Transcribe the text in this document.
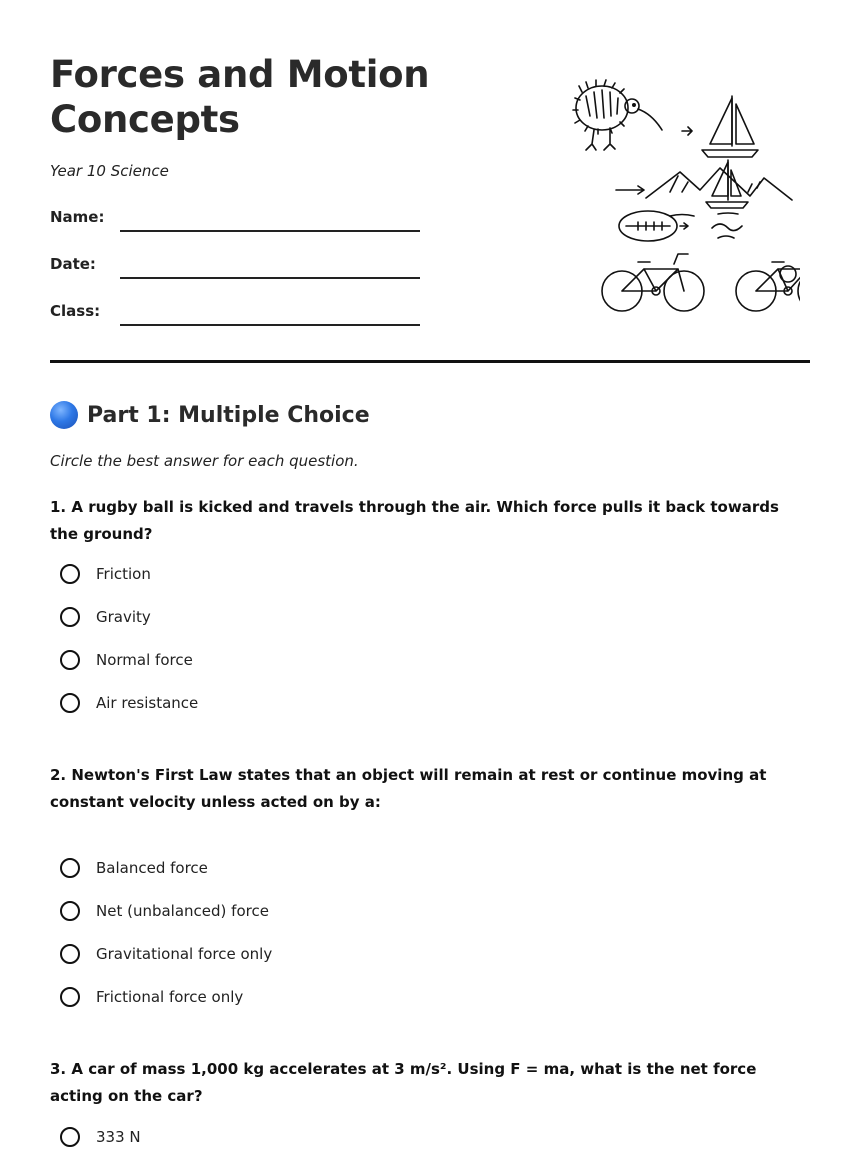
Forces and Motion
Concepts
Year 10 Science
Name:
Date:
Class:
Part 1: Multiple Choice
Circle the best answer for each question.

1. A rugby ball is kicked and travels through the air. Which force pulls it back towards the ground?

Friction
Gravity
Normal force
Air resistance

2. Newton's First Law states that an object will remain at rest or continue moving at constant velocity unless acted on by a:

Balanced force
Net (unbalanced) force
Gravitational force only
Frictional force only

3. A car of mass 1,000 kg accelerates at 3 m/s². Using F = ma, what is the net force acting on the car?

333 N
